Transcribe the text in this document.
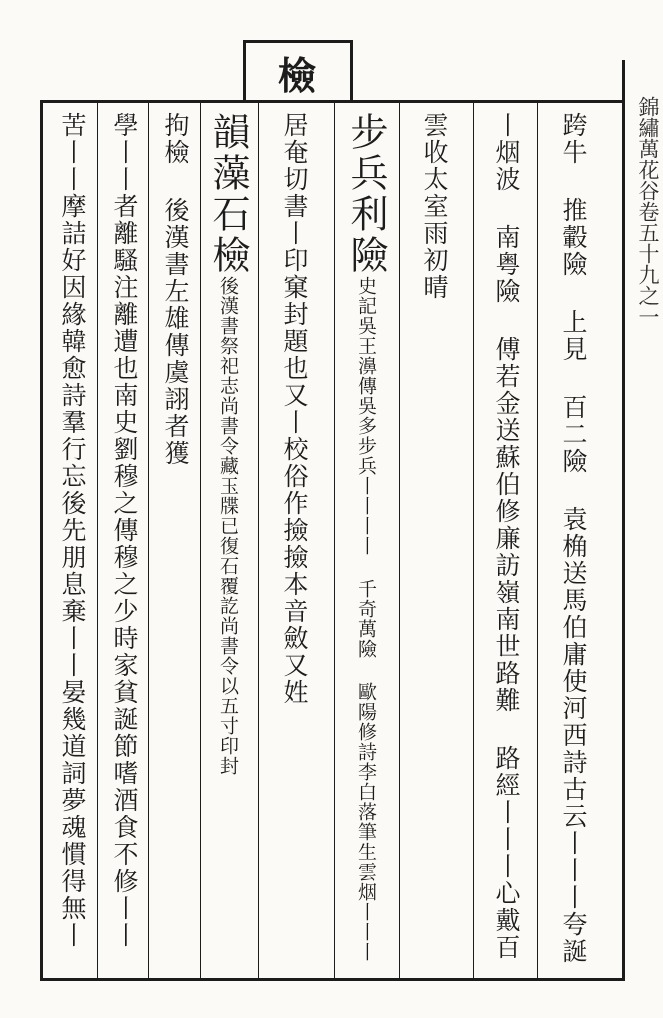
檢
苦丨丨摩詰好因緣韓愈詩羣行忘後先朋息棄丨丨晏幾道詞夢魂慣得無丨
學丨丨者離騷注離遭也南史劉穆之傳穆之少時家貧誕節嗜酒食不修丨丨
拘檢 後漢書左雄傳虞詡者獲 韻藻石檢後漢書祭祀志尚書令藏玉牒已復石覆訖尚書令以五寸印封	居奄切書丨印窠封題也又丨校俗作撿撿本音斂又姓 步兵利險史記吳王濞傳吳多步兵丨丨丨丨 千奇萬險 歐陽修詩李白落筆生雲烟丨丨丨
雲收太室雨初晴	丨烟波 南粤險 傅若金送蘇伯修廉訪嶺南世路難 路經丨丨丨心戴百
跨牛 推轂險 上見 百二險 袁桷送馬伯庸使河西詩古云丨丨丨夸誕
錦繡萬花谷卷五十九之一
